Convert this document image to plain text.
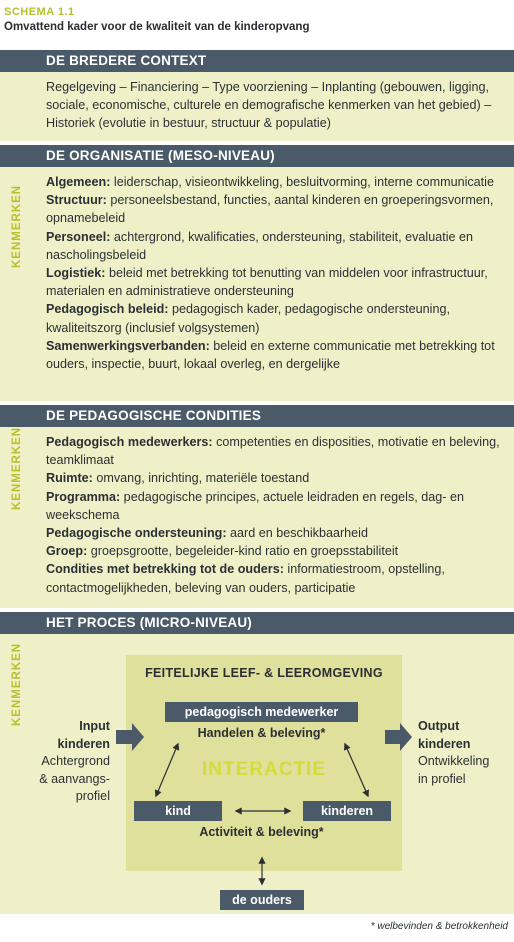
SCHEMA 1.1
Omvattend kader voor de kwaliteit van de kinderopvang
DE BREDERE CONTEXT

Regelgeving – Financiering – Type voorziening – Inplanting (gebouwen, ligging, sociale, economische, culturele en demografische kenmerken van het gebied) – Historiek (evolutie in bestuur, structuur & populatie)

DE ORGANISATIE (MESO-NIVEAU)
KENMERKEN

Algemeen: leiderschap, visieontwikkeling, besluitvorming, interne communicatie

Structuur: personeelsbestand, functies, aantal kinderen en groeperingsvormen, opnamebeleid

Personeel: achtergrond, kwalificaties, ondersteuning, stabiliteit, evaluatie en nascholingsbeleid

Logistiek: beleid met betrekking tot benutting van middelen voor infrastructuur, materialen en administratieve ondersteuning

Pedagogisch beleid: pedagogisch kader, pedagogische ondersteuning, kwaliteitszorg (inclusief volgsystemen)

Samenwerkingsverbanden: beleid en externe communicatie met betrekking tot ouders, inspectie, buurt, lokaal overleg, en dergelijke

DE PEDAGOGISCHE CONDITIES
KENMERKEN Pedagogisch medewerkers: competenties en disposities, motivatie en beleving, teamklimaat

Ruimte: omvang, inrichting, materiële toestand

Programma: pedagogische principes, actuele leidraden en regels, dag- en weekschema

Pedagogische ondersteuning: aard en beschikbaarheid

Groep: groepsgrootte, begeleider-kind ratio en groepsstabiliteit

Condities met betrekking tot de ouders: informatiestroom, opstelling, contactmogelijkheden, beleving van ouders, participatie

HET PROCES (MICRO-NIVEAU)
KENMERKEN	FEITELIJKE LEEF- & LEEROMGEVING
pedagogisch medewerker
Handelen & beleving*
INTERACTIE
kind	kinderen
Activiteit & beleving*
de ouders
Input
kinderen
Achtergrond
& aanvangs-
profiel
Output
kinderen
Ontwikkeling
in profiel
* welbevinden & betrokkenheid
